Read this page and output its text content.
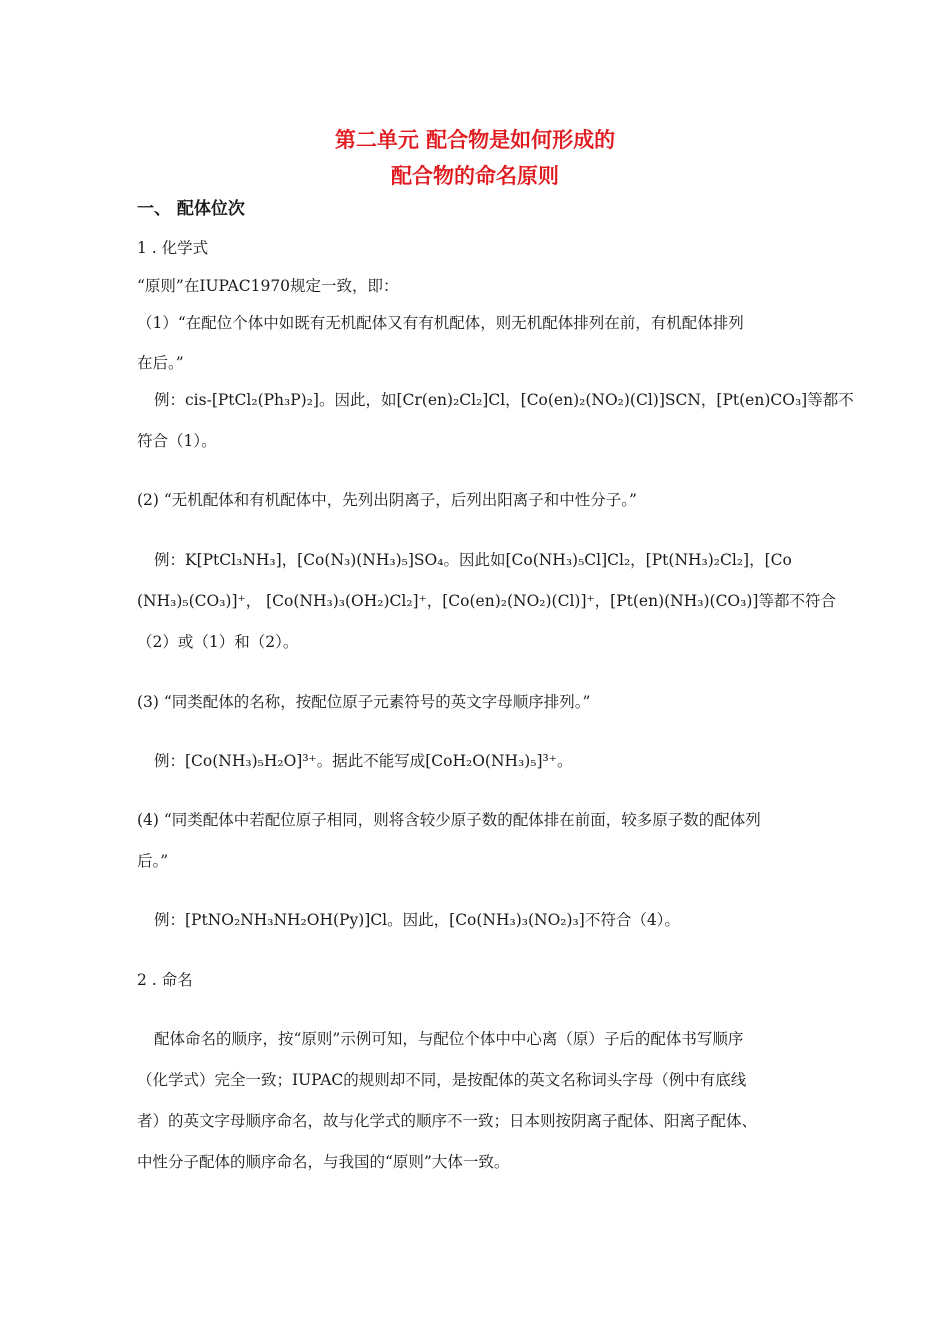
第二单元 配合物是如何形成的
配合物的命名原则
一、 配体位次
1 . 化学式
“原则”在IUPAC1970规定一致，即：
（1）“在配位个体中如既有无机配体又有有机配体，则无机配体排列在前，有机配体排列
在后。”
例：cis-[PtCl₂(Ph₃P)₂]。因此，如[Cr(en)₂Cl₂]Cl，[Co(en)₂(NO₂)(Cl)]SCN，[Pt(en)CO₃]等都不
符合（1）。
(2) “无机配体和有机配体中，先列出阴离子，后列出阳离子和中性分子。”
例：K[PtCl₃NH₃]，[Co(N₃)(NH₃)₅]SO₄。因此如[Co(NH₃)₅Cl]Cl₂，[Pt(NH₃)₂Cl₂]，[Co
(NH₃)₅(CO₃)]⁺， [Co(NH₃)₃(OH₂)Cl₂]⁺，[Co(en)₂(NO₂)(Cl)]⁺，[Pt(en)(NH₃)(CO₃)]等都不符合
（2）或（1）和（2）。
(3) “同类配体的名称，按配位原子元素符号的英文字母顺序排列。”
例：[Co(NH₃)₅H₂O]³⁺。据此不能写成[CoH₂O(NH₃)₅]³⁺。
(4) “同类配体中若配位原子相同，则将含较少原子数的配体排在前面，较多原子数的配体列
后。”
例：[PtNO₂NH₃NH₂OH(Py)]Cl。因此，[Co(NH₃)₃(NO₂)₃]不符合（4）。
2 . 命名
配体命名的顺序，按“原则”示例可知，与配位个体中中心离（原）子后的配体书写顺序
（化学式）完全一致；IUPAC的规则却不同，是按配体的英文名称词头字母（例中有底线
者）的英文字母顺序命名，故与化学式的顺序不一致；日本则按阴离子配体、阳离子配体、
中性分子配体的顺序命名，与我国的“原则”大体一致。
